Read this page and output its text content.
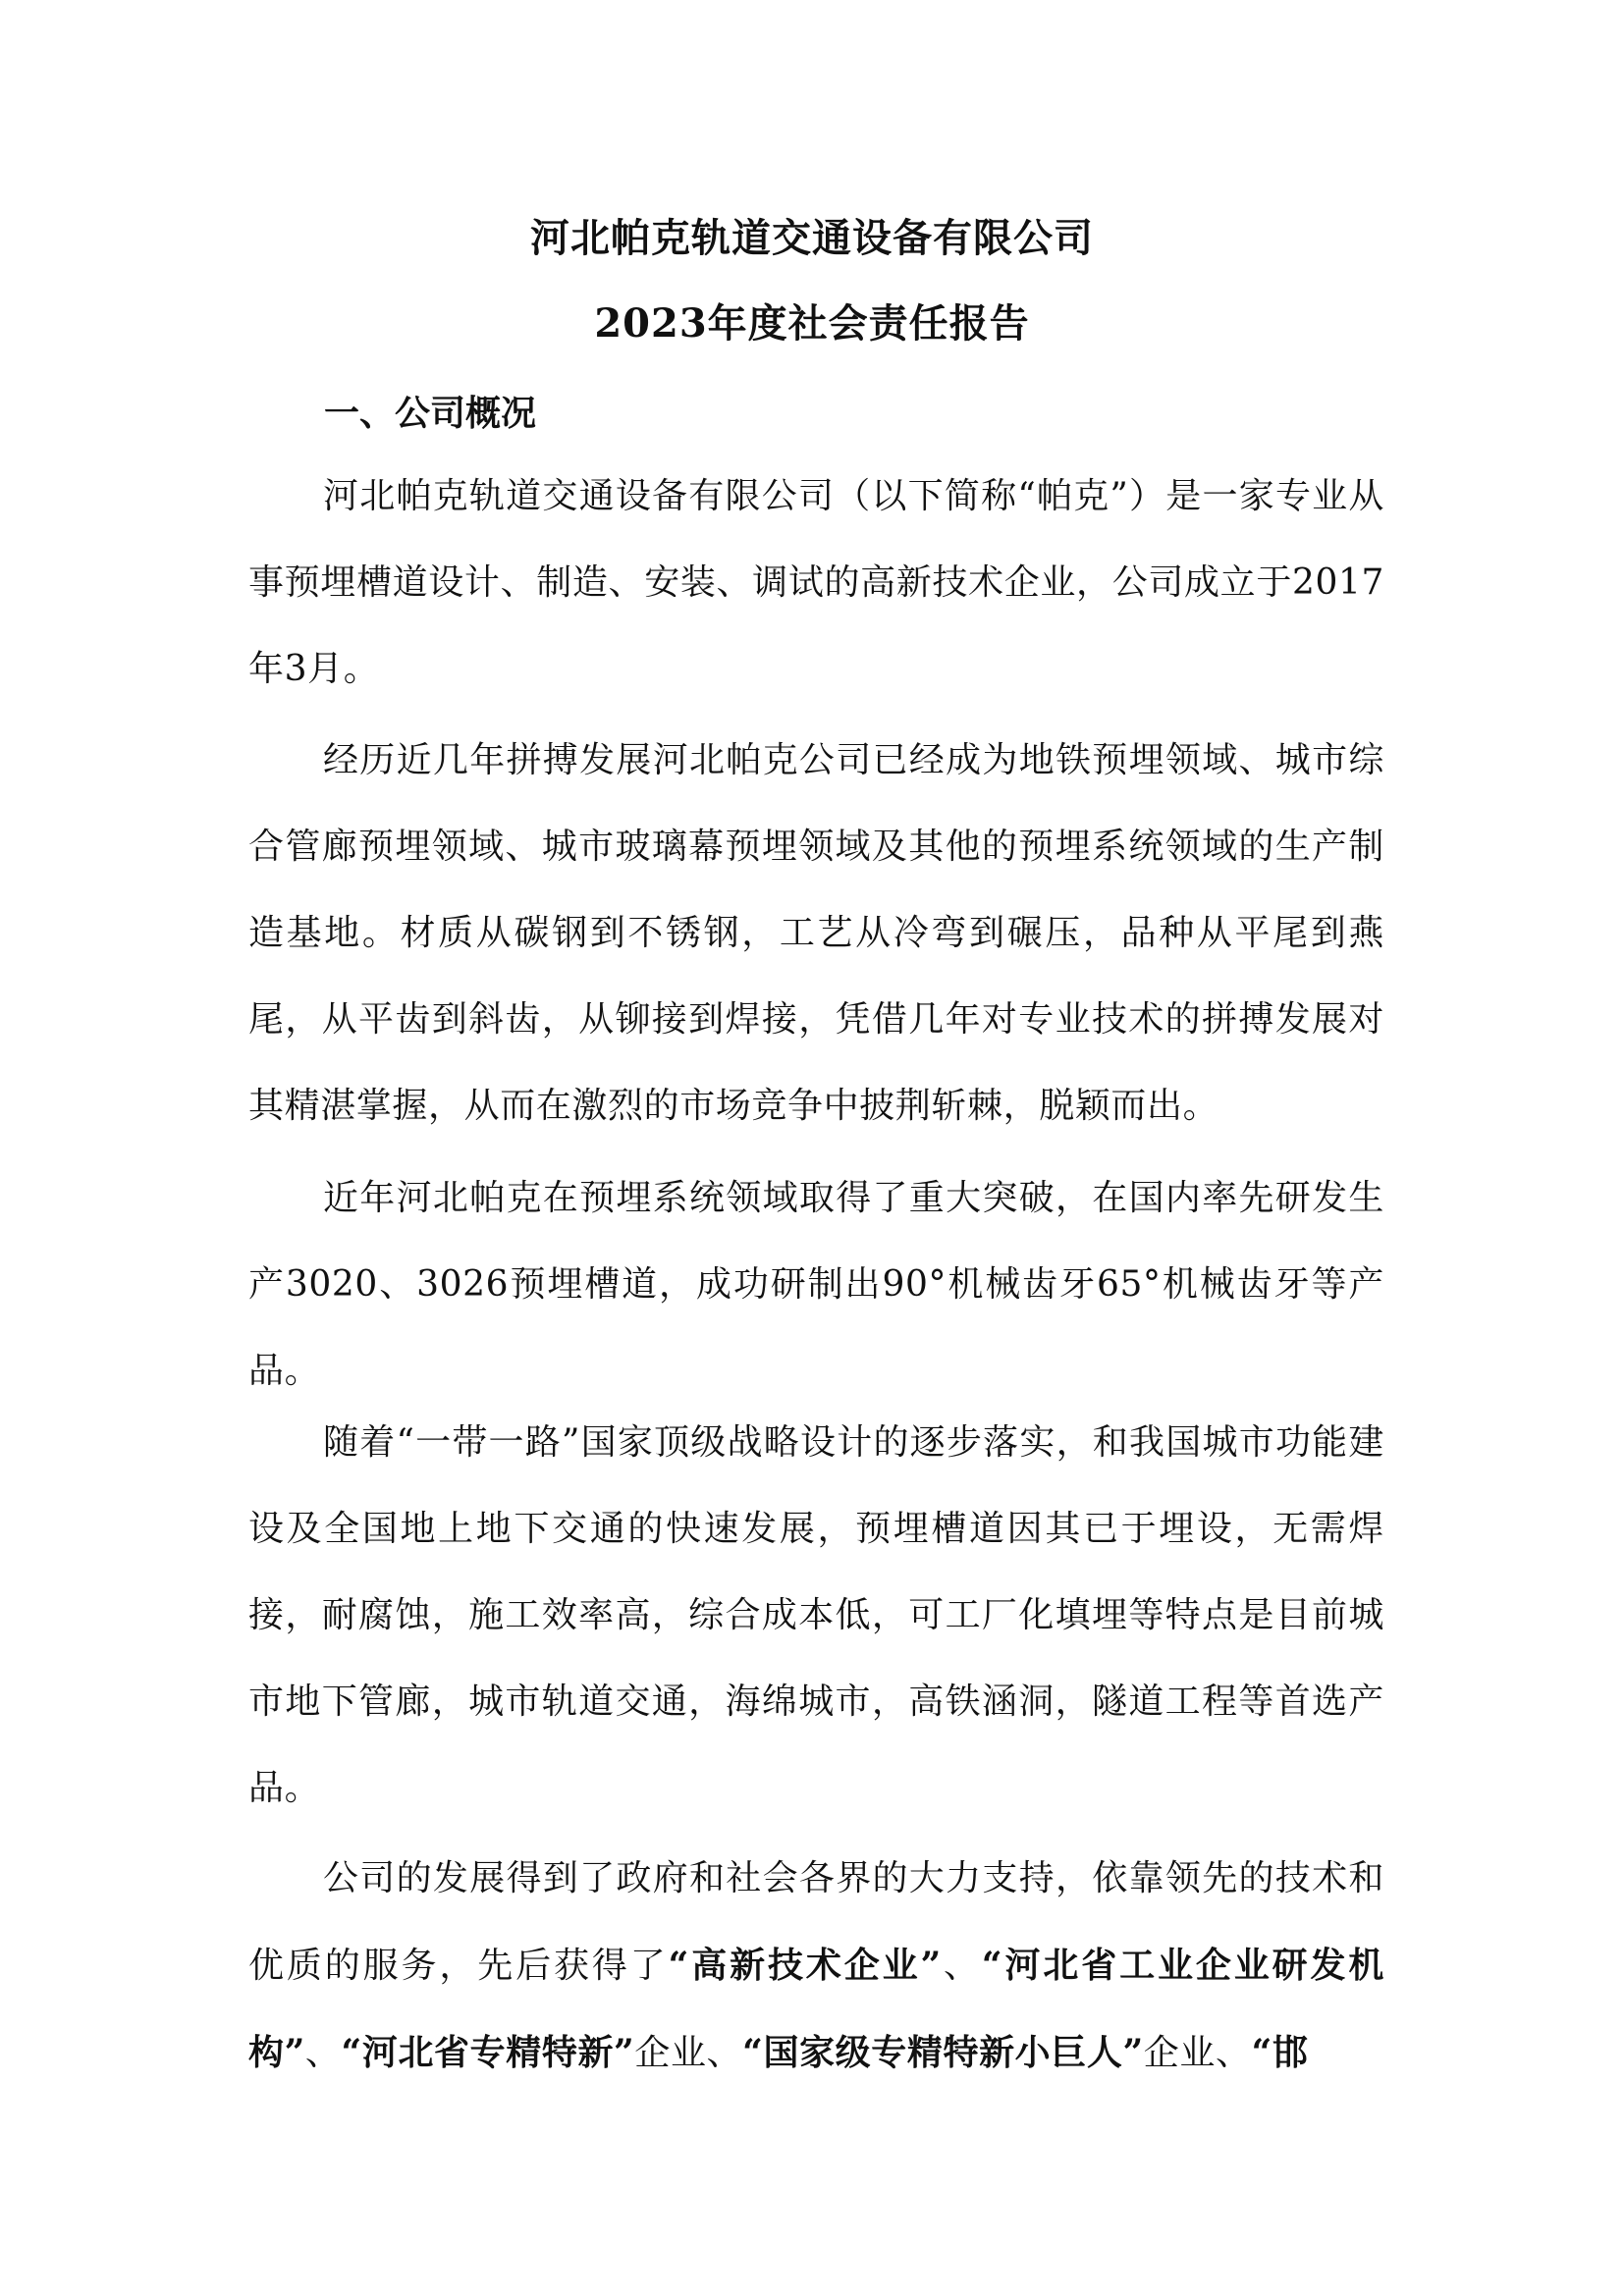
河北帕克轨道交通设备有限公司
2023年度社会责任报告
一、公司概况

河北帕克轨道交通设备有限公司（以下简称“帕克”）是一家专业从事预埋槽道设计、制造、安装、调试的高新技术企业，公司成立于2017年3月。

经历近几年拼搏发展河北帕克公司已经成为地铁预埋领域、城市综合管廊预埋领域、城市玻璃幕预埋领域及其他的预埋系统领域的生产制造基地。材质从碳钢到不锈钢，工艺从冷弯到碾压，品种从平尾到燕尾，从平齿到斜齿，从铆接到焊接，凭借几年对专业技术的拼搏发展对其精湛掌握，从而在激烈的市场竞争中披荆斩棘，脱颖而出。

近年河北帕克在预埋系统领域取得了重大突破，在国内率先研发生产3020、3026预埋槽道，成功研制出90°机械齿牙65°机械齿牙等产品。

随着“一带一路”国家顶级战略设计的逐步落实，和我国城市功能建设及全国地上地下交通的快速发展，预埋槽道因其已于埋设，无需焊接，耐腐蚀，施工效率高，综合成本低，可工厂化填埋等特点是目前城市地下管廊，城市轨道交通，海绵城市，高铁涵洞，隧道工程等首选产品。

公司的发展得到了政府和社会各界的大力支持，依靠领先的技术和优质的服务，先后获得了“高新技术企业”、“河北省工业企业研发机构”、“河北省专精特新”企业、“国家级专精特新小巨人”企业、“邯
